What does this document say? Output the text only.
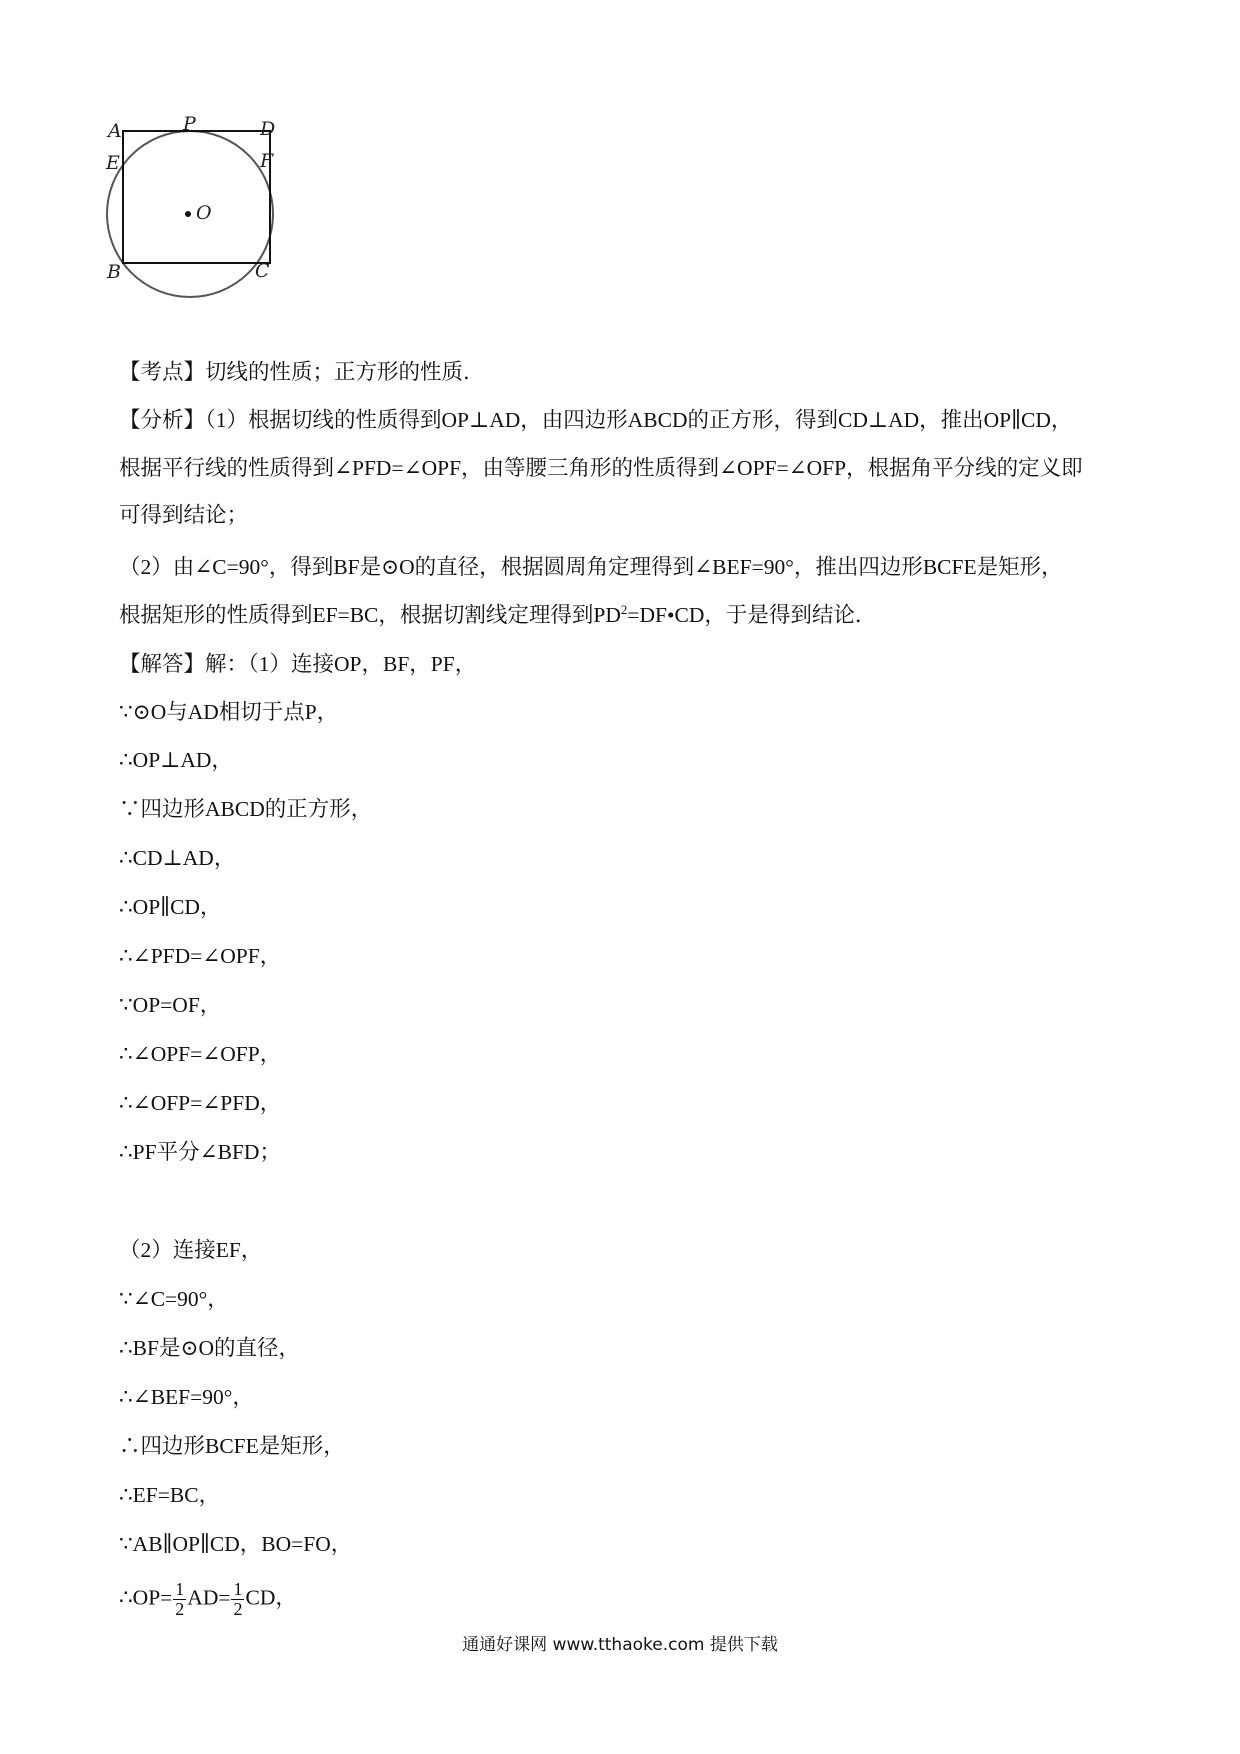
A	P	D
E	F
O
B	C
【考点】切线的性质；正方形的性质．
【分析】（1）根据切线的性质得到OP⊥AD，由四边形ABCD的正方形，得到CD⊥AD，推出OP∥CD，
根据平行线的性质得到∠PFD=∠OPF，由等腰三角形的性质得到∠OPF=∠OFP，根据角平分线的定义即
可得到结论；
（2）由∠C=90°，得到BF是⊙O的直径，根据圆周角定理得到∠BEF=90°，推出四边形BCFE是矩形，
根据矩形的性质得到EF=BC，根据切割线定理得到$PD^2=DF•CD$，于是得到结论．
【解答】解：（1）连接OP，BF，PF，
∵⊙O与AD相切于点P，
∴OP⊥AD，
∵四边形ABCD的正方形，
∴CD⊥AD，
∴OP∥CD，
∴∠PFD=∠OPF，
∵OP=OF，
∴∠OPF=∠OFP，
∴∠OFP=∠PFD，
∴PF平分∠BFD；
（2）连接EF，
∵∠C=90°，
∴BF是⊙O的直径，
∴∠BEF=90°，
∴四边形BCFE是矩形，
∴EF=BC，
∵AB∥OP∥CD，BO=FO，
∴OP= $\frac{1}{2} AD= \frac{1}{2}$ CD，
通通好课网 www.tthaoke.com 提供下载
